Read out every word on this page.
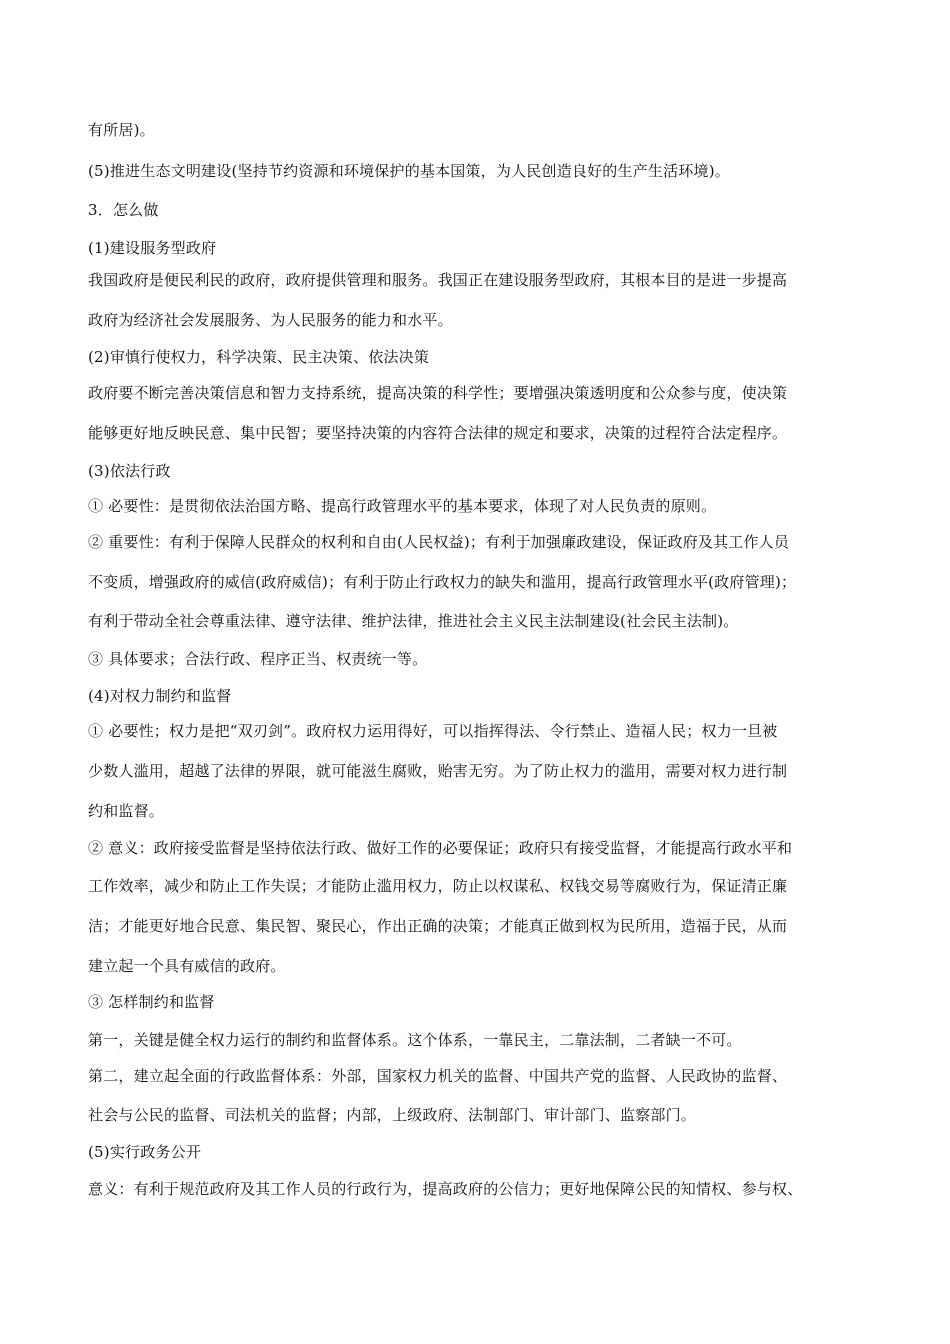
有所居)。
(5)推进生态文明建设(坚持节约资源和环境保护的基本国策，为人民创造良好的生产生活环境)。
3．怎么做
(1)建设服务型政府
我国政府是便民利民的政府，政府提供管理和服务。我国正在建设服务型政府，其根本目的是进一步提高
政府为经济社会发展服务、为人民服务的能力和水平。
(2)审慎行使权力，科学决策、民主决策、依法决策
政府要不断完善决策信息和智力支持系统，提高决策的科学性；要增强决策透明度和公众参与度，使决策
能够更好地反映民意、集中民智；要坚持决策的内容符合法律的规定和要求，决策的过程符合法定程序。
(3)依法行政
① 必要性：是贯彻依法治国方略、提高行政管理水平的基本要求，体现了对人民负责的原则。
② 重要性：有利于保障人民群众的权利和自由(人民权益)；有利于加强廉政建设，保证政府及其工作人员
不变质，增强政府的威信(政府威信)；有利于防止行政权力的缺失和滥用，提高行政管理水平(政府管理)；
有利于带动全社会尊重法律、遵守法律、维护法律，推进社会主义民主法制建设(社会民主法制)。
③ 具体要求；合法行政、程序正当、权责统一等。
(4)对权力制约和监督
① 必要性；权力是把“双刃剑”。政府权力运用得好，可以指挥得法、令行禁止、造福人民；权力一旦被
少数人滥用，超越了法律的界限，就可能滋生腐败，贻害无穷。为了防止权力的滥用，需要对权力进行制
约和监督。
② 意义：政府接受监督是坚持依法行政、做好工作的必要保证；政府只有接受监督，才能提高行政水平和
工作效率，减少和防止工作失误；才能防止滥用权力，防止以权谋私、权钱交易等腐败行为，保证清正廉
洁；才能更好地合民意、集民智、聚民心，作出正确的决策；才能真正做到权为民所用，造福于民，从而
建立起一个具有威信的政府。
③ 怎样制约和监督
第一，关键是健全权力运行的制约和监督体系。这个体系，一靠民主，二靠法制，二者缺一不可。
第二，建立起全面的行政监督体系：外部，国家权力机关的监督、中国共产党的监督、人民政协的监督、
社会与公民的监督、司法机关的监督；内部，上级政府、法制部门、审计部门、监察部门。
(5)实行政务公开
意义：有利于规范政府及其工作人员的行政行为，提高政府的公信力；更好地保障公民的知情权、参与权、
